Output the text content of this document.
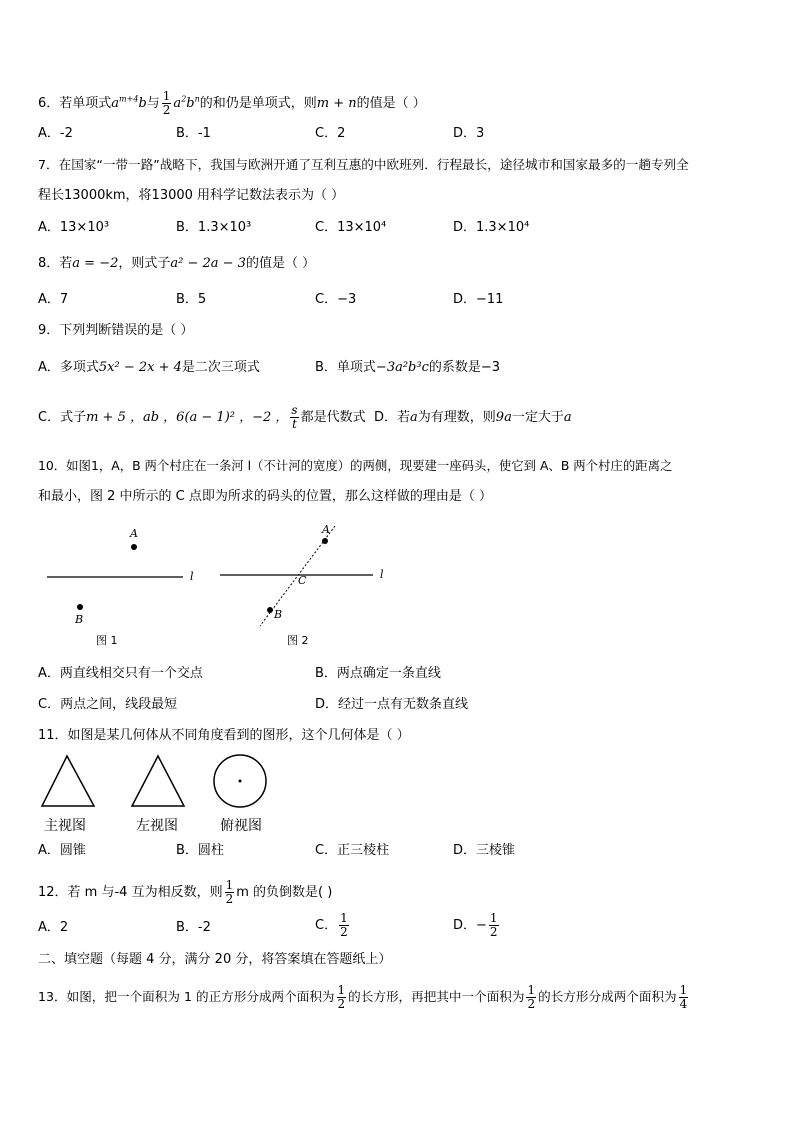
6．若单项式$a^{m+4}b$与 $\frac{1}{2} a^2b^n$的和仍是单项式，则m + n的值是（ ）
A．-2	B．-1	C．2	D．3
7．在国家“一带一路”战略下，我国与欧洲开通了互利互惠的中欧班列．行程最长，途径城市和国家最多的一趟专列全
程长13000km，将13000 用科学记数法表示为（ ）
A．13×10³	B．1.3×10³	C．13×10⁴	D．1.3×10⁴
8．若a = −2，则式子a² − 2a − 3的值是（ ）
A．7	B．5	C．−3	D．−11
9．下列判断错误的是（ ）
A．多项式5x² − 2x + 4是二次三项式	B．单项式−3a²b³c的系数是−3
C．式子m + 5 ，ab ，6(a − 1)² ，−2 ， $\frac{s}{t}$ 都是代数式 D．若a为有理数，则9a一定大于a
10．如图1，A，B 两个村庄在一条河 l（不计河的宽度）的两侧，现要建一座码头，使它到 A、B 两个村庄的距离之
和最小，图 2 中所示的 C 点即为所求的码头的位置，那么这样做的理由是（ ）
A
B
l
图 1
A
B
C	l
图 2
A．两直线相交只有一个交点	B．两点确定一条直线
C．两点之间，线段最短	D．经过一点有无数条直线
11．如图是某几何体从不同角度看到的图形，这个几何体是（ ）
主视图	左视图	俯视图
A．圆锥	B．圆柱	C．正三棱柱	D．三棱锥
12．若 m 与-4 互为相反数，则 $\frac{1}{2}$ m 的负倒数是( )
A．2	B．-2	C． $\frac{1}{2}$	D．− $\frac{1}{2}$
二、填空题（每题 4 分，满分 20 分，将答案填在答题纸上）
13．如图，把一个面积为 1 的正方形分成两个面积为 $\frac{1}{2}$ 的长方形，再把其中一个面积为 $\frac{1}{2}$ 的长方形分成两个面积为 $\frac{1}{4}$
